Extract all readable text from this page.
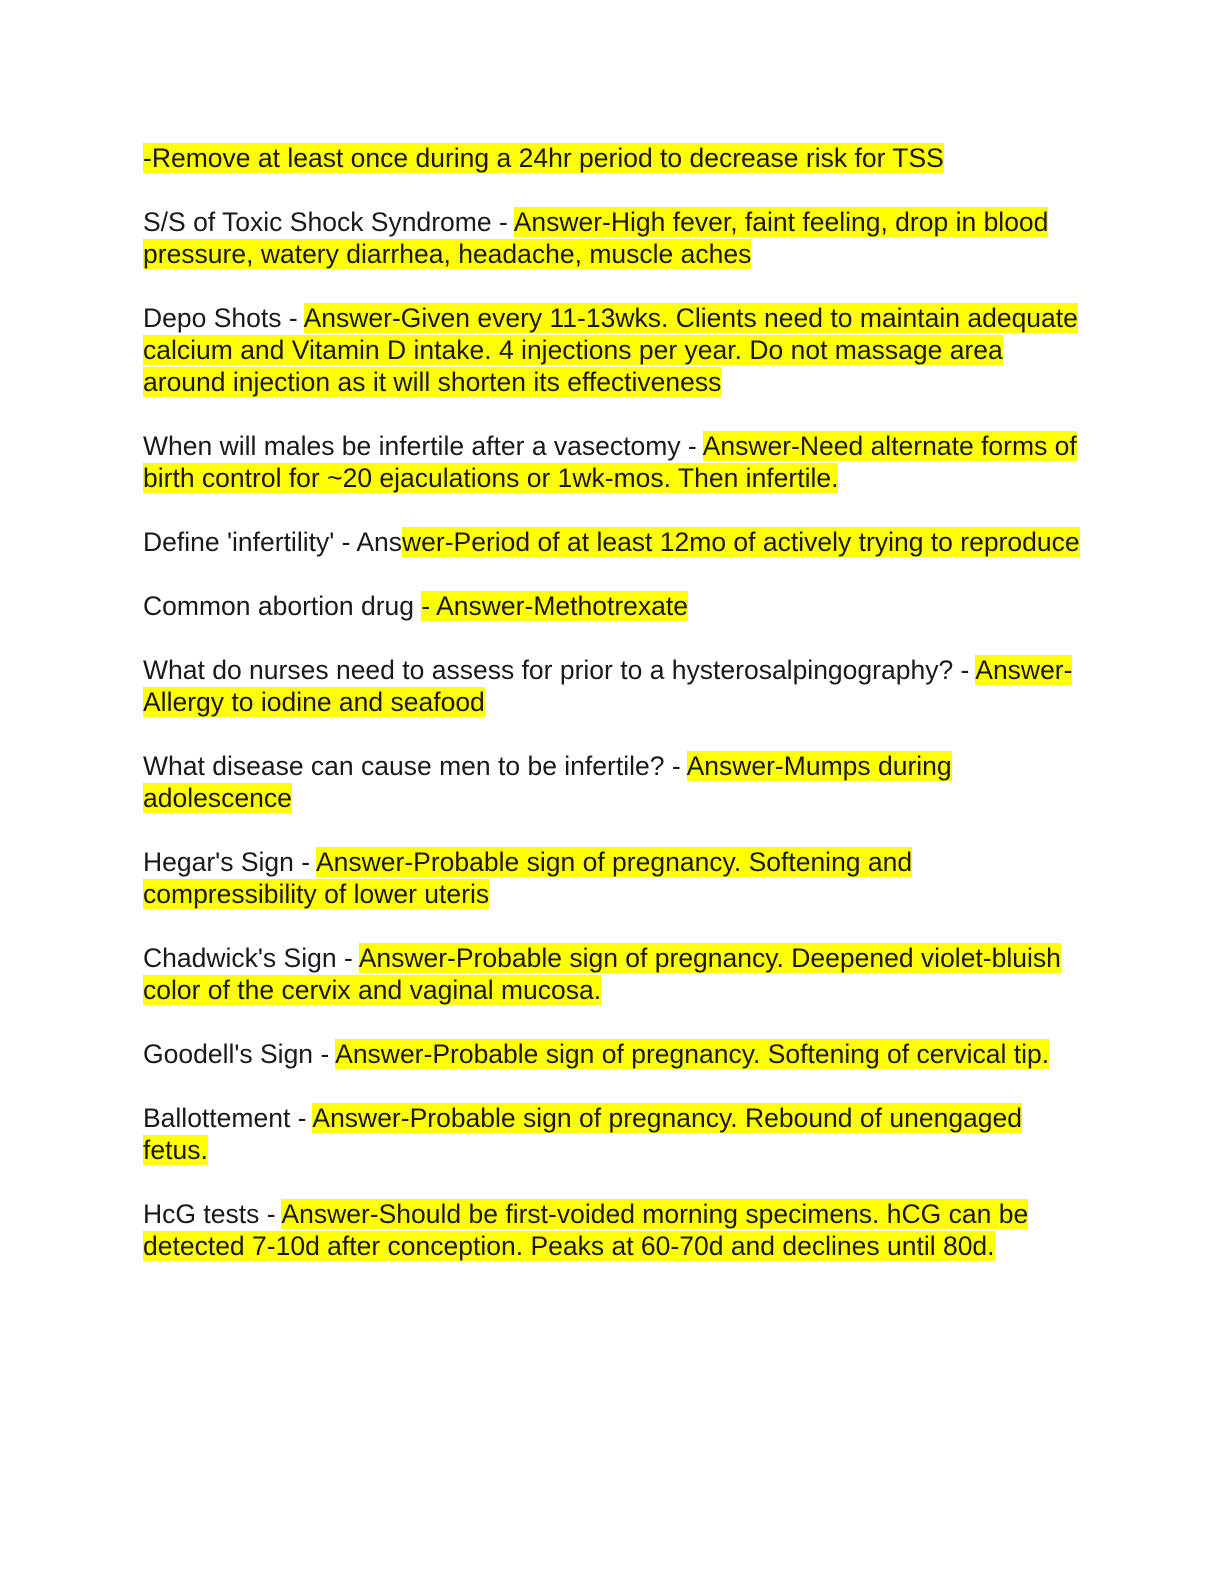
-Remove at least once during a 24hr period to decrease risk for TSS

S/S of Toxic Shock Syndrome - Answer-High fever, faint feeling, drop in blood pressure, watery diarrhea, headache, muscle aches

Depo Shots - Answer-Given every 11-13wks. Clients need to maintain adequate calcium and Vitamin D intake. 4 injections per year. Do not massage area around injection as it will shorten its effectiveness

When will males be infertile after a vasectomy - Answer-Need alternate forms of birth control for ~20 ejaculations or 1wk-mos. Then infertile.

Define 'infertility' - Answer-Period of at least 12mo of actively trying to reproduce

Common abortion drug - Answer-Methotrexate

What do nurses need to assess for prior to a hysterosalpingography? - Answer-Allergy to iodine and seafood

What disease can cause men to be infertile? - Answer-Mumps during adolescence

Hegar's Sign - Answer-Probable sign of pregnancy. Softening and compressibility of lower uteris

Chadwick's Sign - Answer-Probable sign of pregnancy. Deepened violet-bluish color of the cervix and vaginal mucosa.

Goodell's Sign - Answer-Probable sign of pregnancy. Softening of cervical tip.

Ballottement - Answer-Probable sign of pregnancy. Rebound of unengaged fetus.

HcG tests - Answer-Should be first-voided morning specimens. hCG can be detected 7-10d after conception. Peaks at 60-70d and declines until 80d.
